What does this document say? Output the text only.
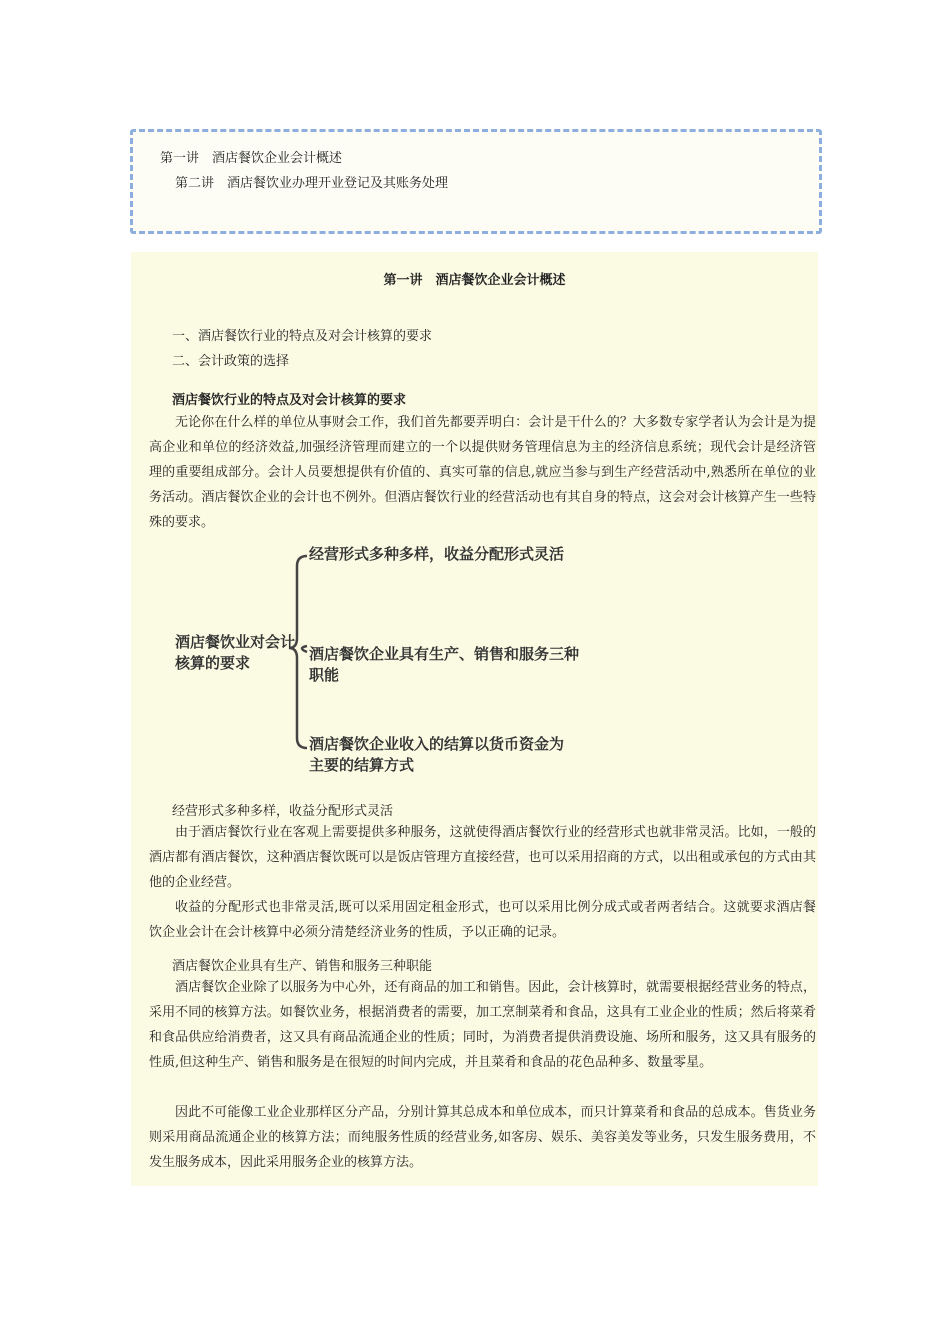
第一讲　酒店餐饮企业会计概述
第二讲　酒店餐饮业办理开业登记及其账务处理
第一讲　酒店餐饮企业会计概述

一、酒店餐饮行业的特点及对会计核算的要求

二、会计政策的选择

酒店餐饮行业的特点及对会计核算的要求

无论你在什么样的单位从事财会工作，我们首先都要弄明白：会计是干什么的？大多数专家学者认为会计是为提高企业和单位的经济效益,加强经济管理而建立的一个以提供财务管理信息为主的经济信息系统；现代会计是经济管理的重要组成部分。会计人员要想提供有价值的、真实可靠的信息,就应当参与到生产经营活动中,熟悉所在单位的业务活动。酒店餐饮企业的会计也不例外。但酒店餐饮行业的经营活动也有其自身的特点，这会对会计核算产生一些特殊的要求。

酒店餐饮业对会计核算的要求
经营形式多种多样，收益分配形式灵活
酒店餐饮企业具有生产、销售和服务三种职能
酒店餐饮企业收入的结算以货币资金为主要的结算方式

经营形式多种多样，收益分配形式灵活

由于酒店餐饮行业在客观上需要提供多种服务，这就使得酒店餐饮行业的经营形式也就非常灵活。比如，一般的酒店都有酒店餐饮，这种酒店餐饮既可以是饭店管理方直接经营，也可以采用招商的方式，以出租或承包的方式由其他的企业经营。

收益的分配形式也非常灵活,既可以采用固定租金形式，也可以采用比例分成式或者两者结合。这就要求酒店餐饮企业会计在会计核算中必须分清楚经济业务的性质，予以正确的记录。

酒店餐饮企业具有生产、销售和服务三种职能

酒店餐饮企业除了以服务为中心外，还有商品的加工和销售。因此，会计核算时，就需要根据经营业务的特点，采用不同的核算方法。如餐饮业务，根据消费者的需要，加工烹制菜肴和食品，这具有工业企业的性质；然后将菜肴和食品供应给消费者，这又具有商品流通企业的性质；同时，为消费者提供消费设施、场所和服务，这又具有服务的性质,但这种生产、销售和服务是在很短的时间内完成，并且菜肴和食品的花色品种多、数量零星。

因此不可能像工业企业那样区分产品，分别计算其总成本和单位成本，而只计算菜肴和食品的总成本。售货业务则采用商品流通企业的核算方法；而纯服务性质的经营业务,如客房、娱乐、美容美发等业务，只发生服务费用，不发生服务成本，因此采用服务企业的核算方法。
